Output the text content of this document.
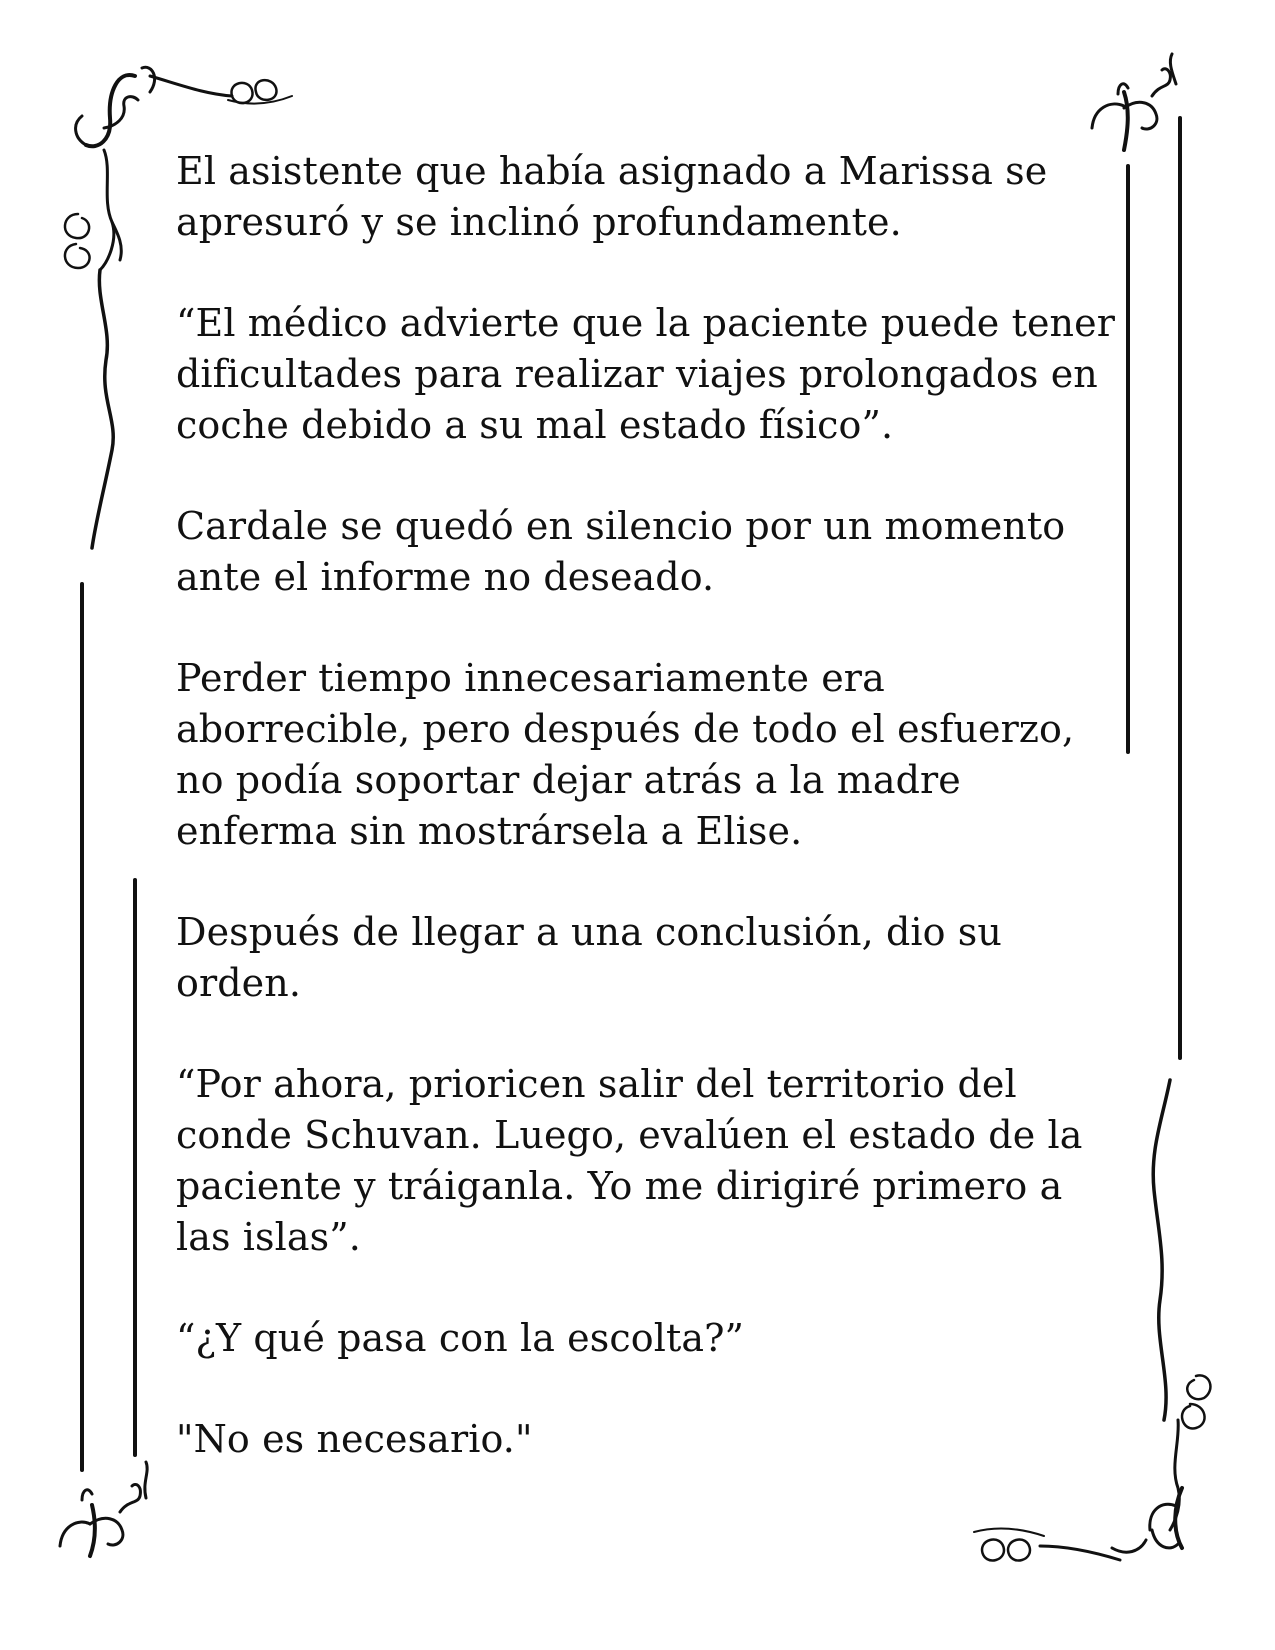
El asistente que había asignado a Marissa se
apresuró y se inclinó profundamente.

“El médico advierte que la paciente puede tener
dificultades para realizar viajes prolongados en
coche debido a su mal estado físico”.

Cardale se quedó en silencio por un momento
ante el informe no deseado.

Perder tiempo innecesariamente era
aborrecible, pero después de todo el esfuerzo,
no podía soportar dejar atrás a la madre
enferma sin mostrársela a Elise.

Después de llegar a una conclusión, dio su
orden.

“Por ahora, prioricen salir del territorio del
conde Schuvan. Luego, evalúen el estado de la
paciente y tráiganla. Yo me dirigiré primero a
las islas”.

“¿Y qué pasa con la escolta?”

"No es necesario."
